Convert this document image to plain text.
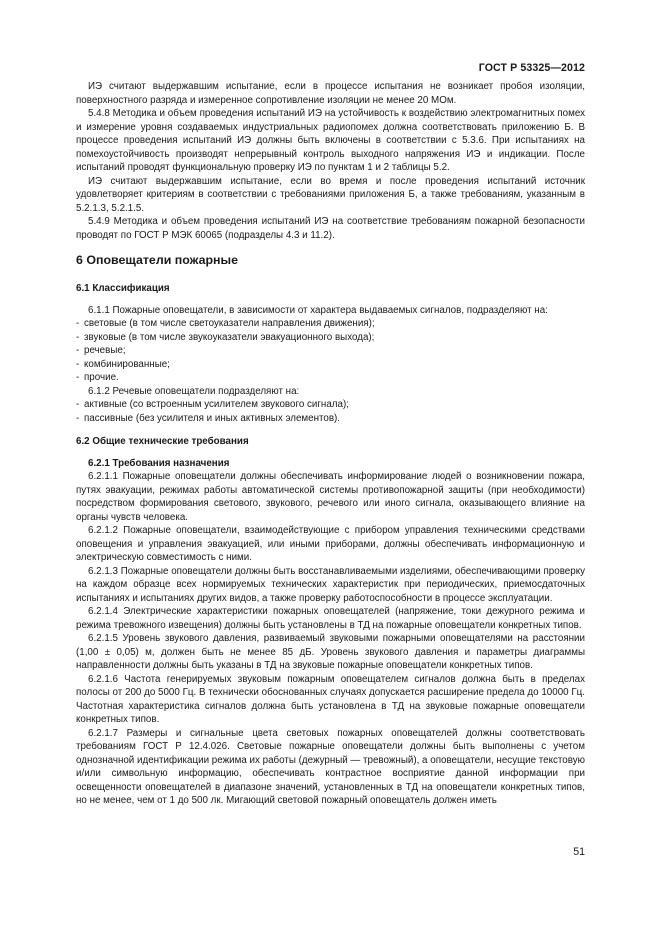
ГОСТ Р 53325—2012
ИЭ считают выдержавшим испытание, если в процессе испытания не возникает пробоя изоляции, поверхностного разряда и измеренное сопротивление изоляции не менее 20 МОм.
5.4.8 Методика и объем проведения испытаний ИЭ на устойчивость к воздействию электромагнитных помех и измерение уровня создаваемых индустриальных радиопомех должна соответствовать приложению Б. В процессе проведения испытаний ИЭ должны быть включены в соответствии с 5.3.6. При испытаниях на помехоустойчивость производят непрерывный контроль выходного напряжения ИЭ и индикации. После испытаний проводят функциональную проверку ИЭ по пунктам 1 и 2 таблицы 5.2.
ИЭ считают выдержавшим испытание, если во время и после проведения испытаний источник удовлетворяет критериям в соответствии с требованиями приложения Б, а также требованиям, указанным в 5.2.1.3, 5.2.1.5.
5.4.9 Методика и объем проведения испытаний ИЭ на соответствие требованиям пожарной безопасности проводят по ГОСТ Р МЭК 60065 (подразделы 4.3 и 11.2).
6 Оповещатели пожарные
6.1 Классификация
6.1.1 Пожарные оповещатели, в зависимости от характера выдаваемых сигналов, подразделяют на:
- световые (в том числе светоуказатели направления движения);
- звуковые (в том числе звукоуказатели эвакуационного выхода);
- речевые;
- комбинированные;
- прочие.
6.1.2 Речевые оповещатели подразделяют на:
- активные (со встроенным усилителем звукового сигнала);
- пассивные (без усилителя и иных активных элементов).
6.2 Общие технические требования
6.2.1 Требования назначения
6.2.1.1 Пожарные оповещатели должны обеспечивать информирование людей о возникновении пожара, путях эвакуации, режимах работы автоматической системы противопожарной защиты (при необходимости) посредством формирования светового, звукового, речевого или иного сигнала, оказывающего влияние на органы чувств человека.
6.2.1.2 Пожарные оповещатели, взаимодействующие с прибором управления техническими средствами оповещения и управления эвакуацией, или иными приборами, должны обеспечивать информационную и электрическую совместимость с ними.
6.2.1.3 Пожарные оповещатели должны быть восстанавливаемыми изделиями, обеспечивающими проверку на каждом образце всех нормируемых технических характеристик при периодических, приемосдаточных испытаниях и испытаниях других видов, а также проверку работоспособности в процессе эксплуатации.
6.2.1.4 Электрические характеристики пожарных оповещателей (напряжение, токи дежурного режима и режима тревожного извещения) должны быть установлены в ТД на пожарные оповещатели конкретных типов.
6.2.1.5 Уровень звукового давления, развиваемый звуковыми пожарными оповещателями на расстоянии (1,00 ± 0,05) м, должен быть не менее 85 дБ. Уровень звукового давления и параметры диаграммы направленности должны быть указаны в ТД на звуковые пожарные оповещатели конкретных типов.
6.2.1.6 Частота генерируемых звуковым пожарным оповещателем сигналов должна быть в пределах полосы от 200 до 5000 Гц. В технически обоснованных случаях допускается расширение предела до 10000 Гц. Частотная характеристика сигналов должна быть установлена в ТД на звуковые пожарные оповещатели конкретных типов.
6.2.1.7 Размеры и сигнальные цвета световых пожарных оповещателей должны соответствовать требованиям ГОСТ Р 12.4.026. Световые пожарные оповещатели должны быть выполнены с учетом однозначной идентификации режима их работы (дежурный — тревожный), а оповещатели, несущие текстовую и/или символьную информацию, обеспечивать контрастное восприятие данной информации при освещенности оповещателей в диапазоне значений, установленных в ТД на оповещатели конкретных типов, но не менее, чем от 1 до 500 лк. Мигающий световой пожарный оповещатель должен иметь
51
